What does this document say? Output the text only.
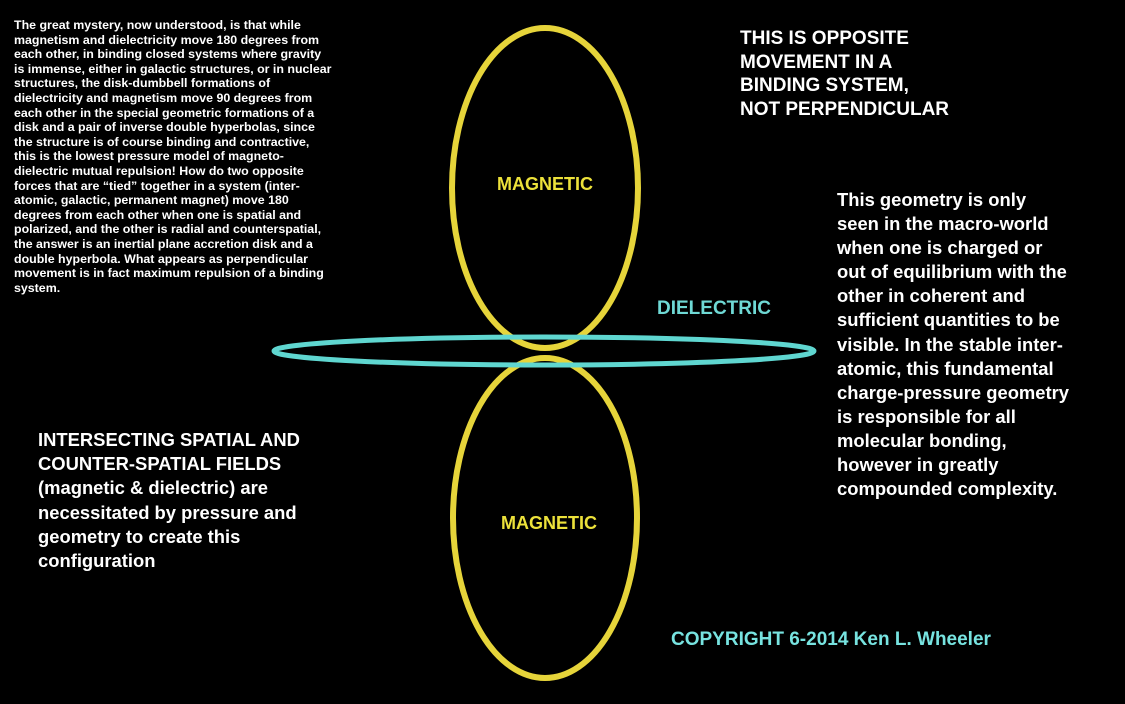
The great mystery, now understood, is that while
magnetism and dielectricity move 180 degrees from
each other, in binding closed systems where gravity
is immense, either in galactic structures, or in nuclear
structures, the disk-dumbbell formations of
dielectricity and magnetism move 90 degrees from
each other in the special geometric formations of a
disk and a pair of inverse double hyperbolas, since
the structure is of course binding and contractive,
this is the lowest pressure model of magneto-
dielectric mutual repulsion! How do two opposite
forces that are “tied” together in a system (inter-
atomic, galactic, permanent magnet) move 180
degrees from each other when one is spatial and
polarized, and the other is radial and counterspatial,
the answer is an inertial plane accretion disk and a
double hyperbola. What appears as perpendicular
movement is in fact maximum repulsion of a binding
system.

THIS IS OPPOSITE
MOVEMENT IN A
BINDING SYSTEM,
NOT PERPENDICULAR

MAGNETIC
MAGNETIC
DIELECTRIC

This geometry is only
seen in the macro-world
when one is charged or
out of equilibrium with the
other in coherent and
sufficient quantities to be
visible. In the stable inter-
atomic, this fundamental
charge-pressure geometry
is responsible for all
molecular bonding,
however in greatly
compounded complexity.

INTERSECTING SPATIAL AND
COUNTER-SPATIAL FIELDS
(magnetic & dielectric) are
necessitated by pressure and
geometry to create this
configuration

COPYRIGHT 6-2014 Ken L. Wheeler
